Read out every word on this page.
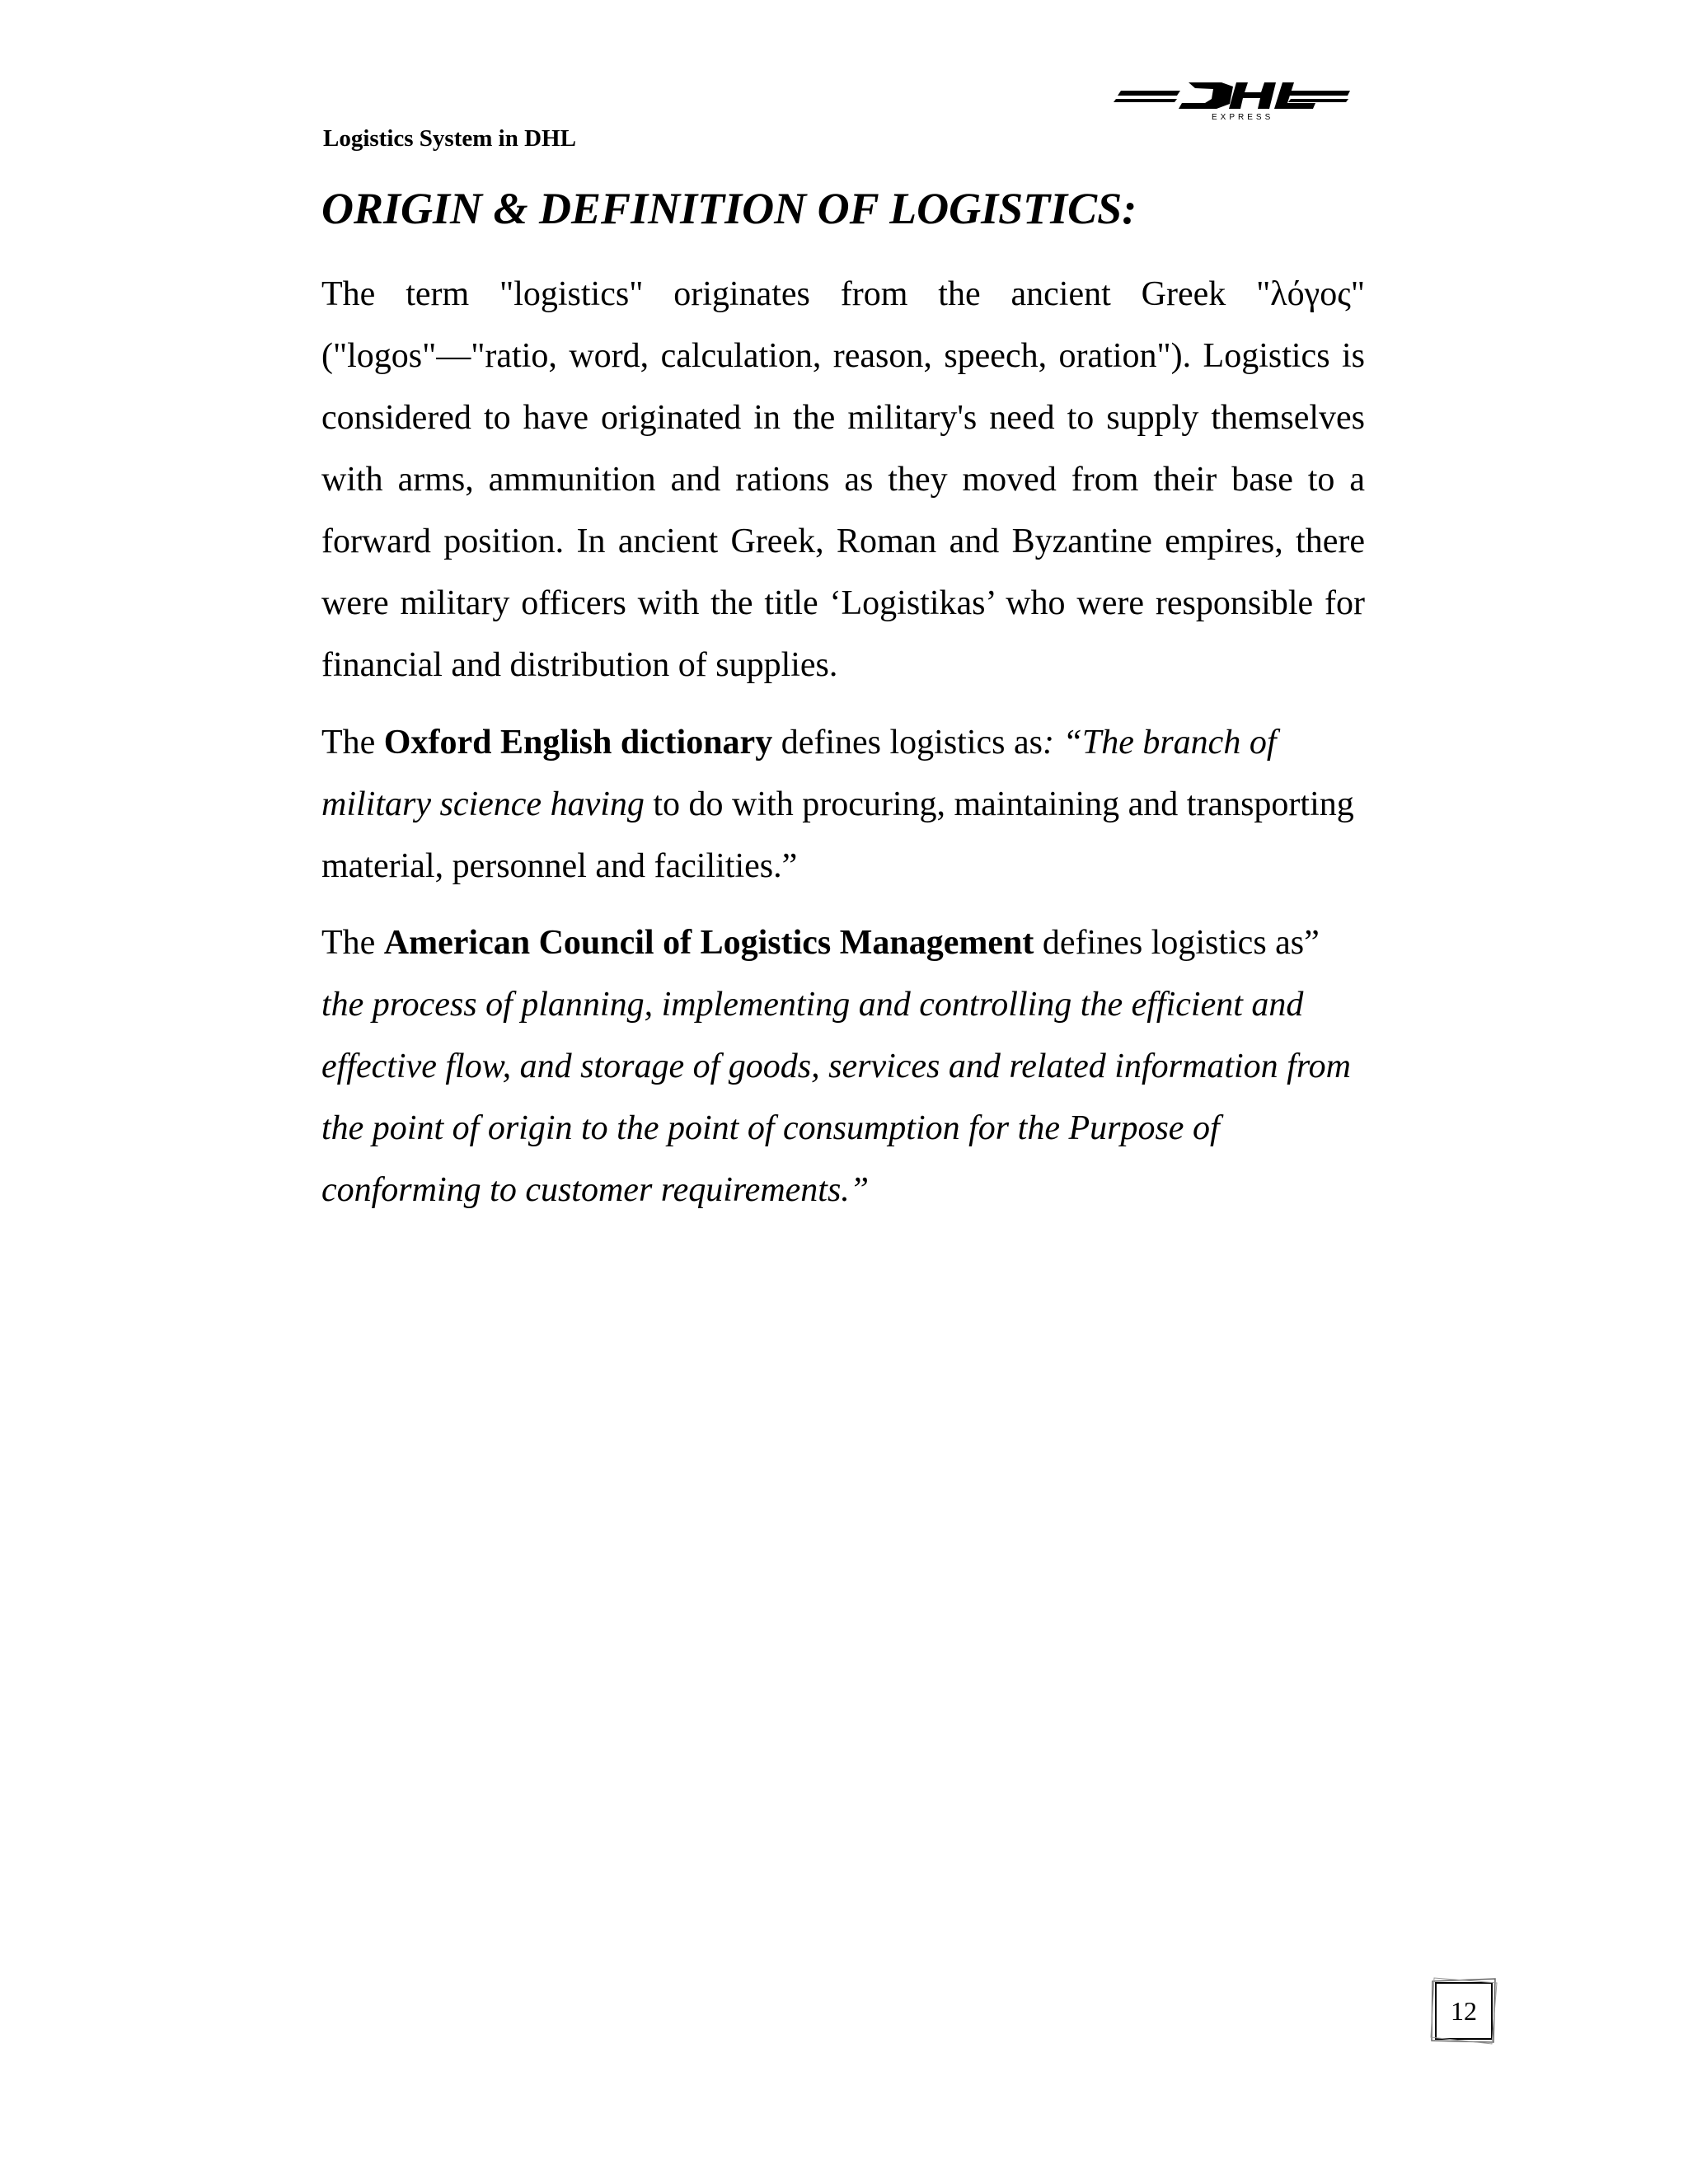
EXPRESS

Logistics System in DHL

ORIGIN & DEFINITION OF LOGISTICS:

The term "logistics" originates from the ancient Greek "λόγος" ("logos"—"ratio, word, calculation, reason, speech, oration"). Logistics is considered to have originated in the military's need to supply themselves with arms, ammunition and rations as they moved from their base to a forward position. In ancient Greek, Roman and Byzantine empires, there were military officers with the title ‘Logistikas’ who were responsible for financial and distribution of supplies.

The Oxford English dictionary defines logistics as: “The branch of military science having to do with procuring, maintaining and transporting material, personnel and facilities.”

The American Council of Logistics Management defines logistics as” the process of planning, implementing and controlling the efficient and effective flow, and storage of goods, services and related information from the point of origin to the point of consumption for the Purpose of conforming to customer requirements.”

12
